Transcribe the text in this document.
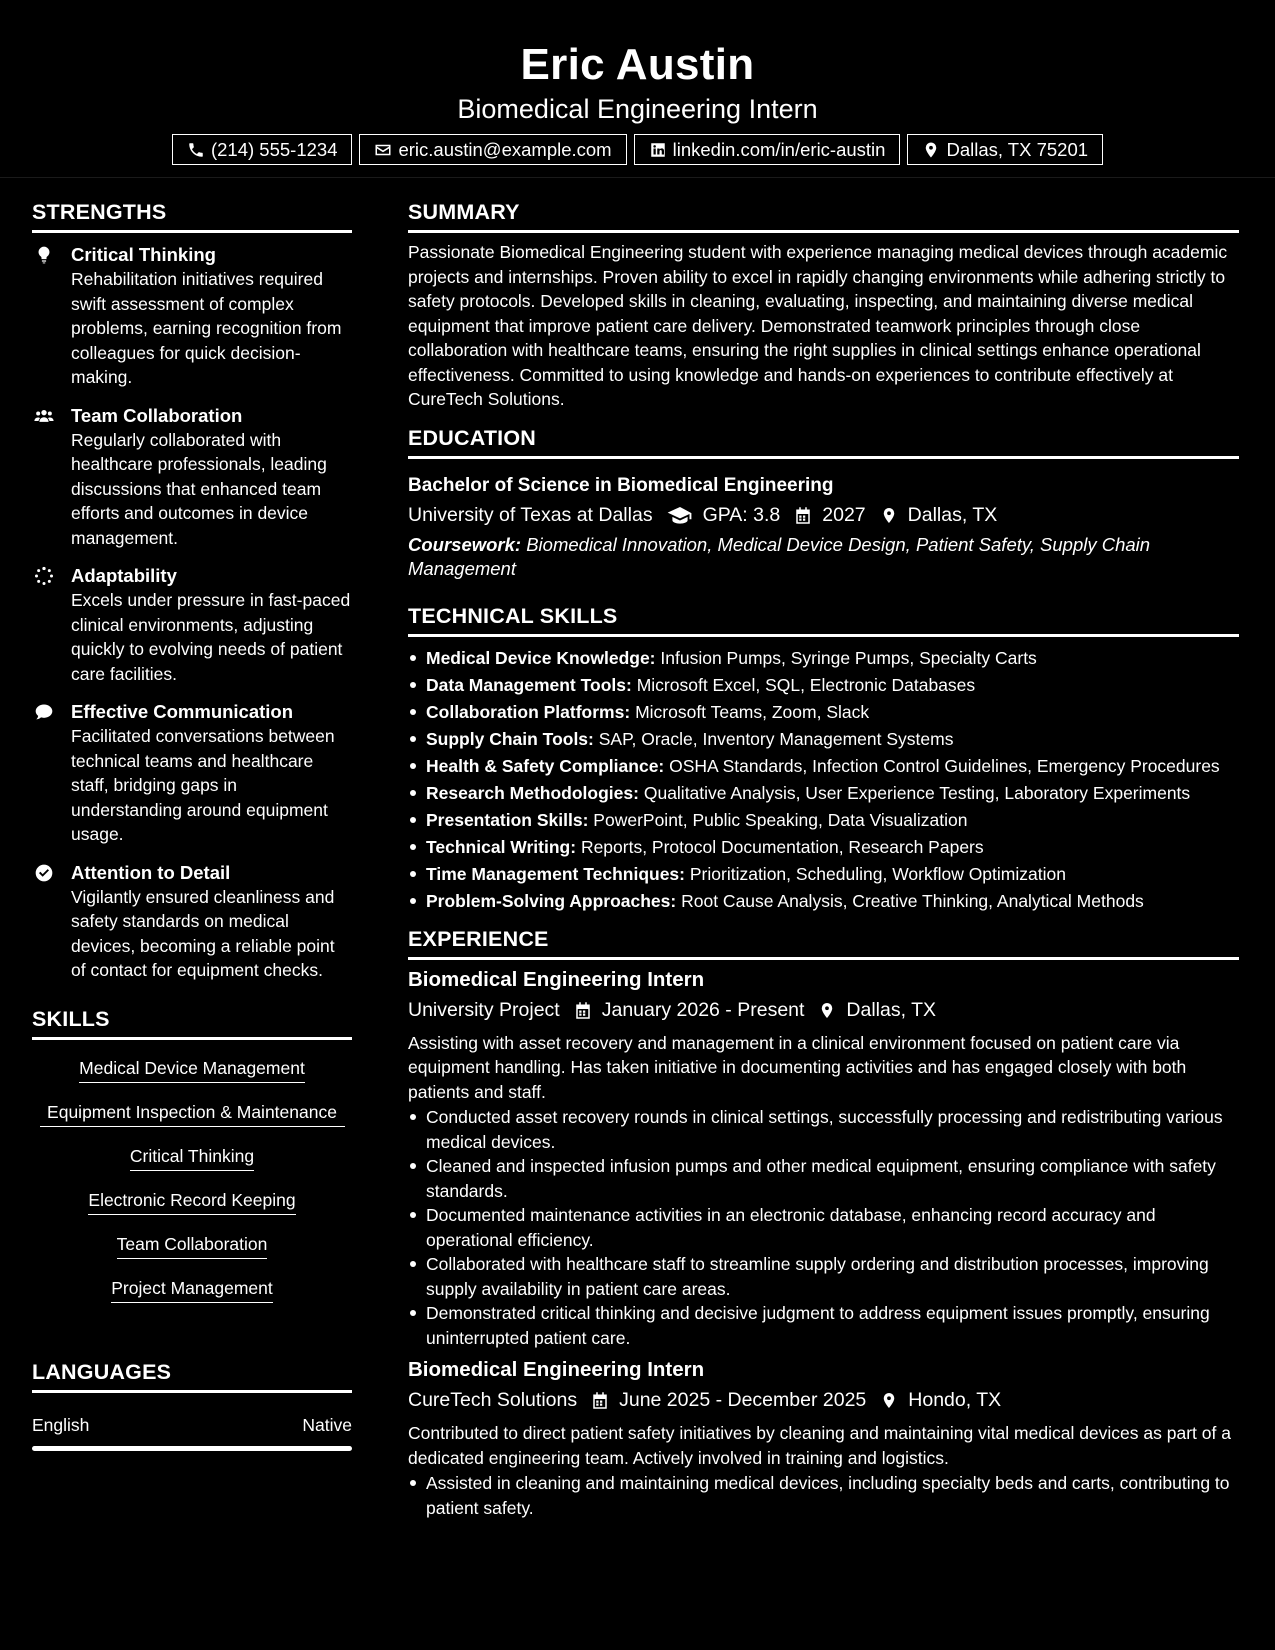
Eric Austin
Biomedical Engineering Intern
(214) 555-1234	eric.austin@example.com	linkedin.com/in/eric-austin	Dallas, TX 75201
STRENGTHS
Critical Thinking
Rehabilitation initiatives required swift assessment of complex problems, earning recognition from colleagues for quick decision-making.
Team Collaboration
Regularly collaborated with healthcare professionals, leading discussions that enhanced team efforts and outcomes in device management.
Adaptability
Excels under pressure in fast-paced clinical environments, adjusting quickly to evolving needs of patient care facilities.
Effective Communication
Facilitated conversations between technical teams and healthcare staff, bridging gaps in understanding around equipment usage.
Attention to Detail
Vigilantly ensured cleanliness and safety standards on medical devices, becoming a reliable point of contact for equipment checks.
SKILLS
Medical Device Management
Equipment Inspection & Maintenance
Critical Thinking
Electronic Record Keeping
Team Collaboration
Project Management
LANGUAGES
English	Native
SUMMARY
Passionate Biomedical Engineering student with experience managing medical devices through academic projects and internships. Proven ability to excel in rapidly changing environments while adhering strictly to safety protocols. Developed skills in cleaning, evaluating, inspecting, and maintaining diverse medical equipment that improve patient care delivery. Demonstrated teamwork principles through close collaboration with healthcare teams, ensuring the right supplies in clinical settings enhance operational effectiveness. Committed to using knowledge and hands-on experiences to contribute effectively at CureTech Solutions.
EDUCATION
Bachelor of Science in Biomedical Engineering
University of Texas at Dallas	GPA: 3.8 2027 Dallas, TX
Coursework: Biomedical Innovation, Medical Device Design, Patient Safety, Supply Chain Management
TECHNICAL SKILLS
Medical Device Knowledge: Infusion Pumps, Syringe Pumps, Specialty Carts
Data Management Tools: Microsoft Excel, SQL, Electronic Databases
Collaboration Platforms: Microsoft Teams, Zoom, Slack
Supply Chain Tools: SAP, Oracle, Inventory Management Systems
Health & Safety Compliance: OSHA Standards, Infection Control Guidelines, Emergency Procedures
Research Methodologies: Qualitative Analysis, User Experience Testing, Laboratory Experiments
Presentation Skills: PowerPoint, Public Speaking, Data Visualization
Technical Writing: Reports, Protocol Documentation, Research Papers
Time Management Techniques: Prioritization, Scheduling, Workflow Optimization
Problem-Solving Approaches: Root Cause Analysis, Creative Thinking, Analytical Methods
EXPERIENCE
Biomedical Engineering Intern
University Project January 2026 - Present Dallas, TX
Assisting with asset recovery and management in a clinical environment focused on patient care via equipment handling. Has taken initiative in documenting activities and has engaged closely with both patients and staff.
Conducted asset recovery rounds in clinical settings, successfully processing and redistributing various medical devices.
Cleaned and inspected infusion pumps and other medical equipment, ensuring compliance with safety standards.
Documented maintenance activities in an electronic database, enhancing record accuracy and operational efficiency.
Collaborated with healthcare staff to streamline supply ordering and distribution processes, improving supply availability in patient care areas.
Demonstrated critical thinking and decisive judgment to address equipment issues promptly, ensuring uninterrupted patient care.
Biomedical Engineering Intern
CureTech Solutions June 2025 - December 2025 Hondo, TX
Contributed to direct patient safety initiatives by cleaning and maintaining vital medical devices as part of a dedicated engineering team. Actively involved in training and logistics.
Assisted in cleaning and maintaining medical devices, including specialty beds and carts, contributing to patient safety.
